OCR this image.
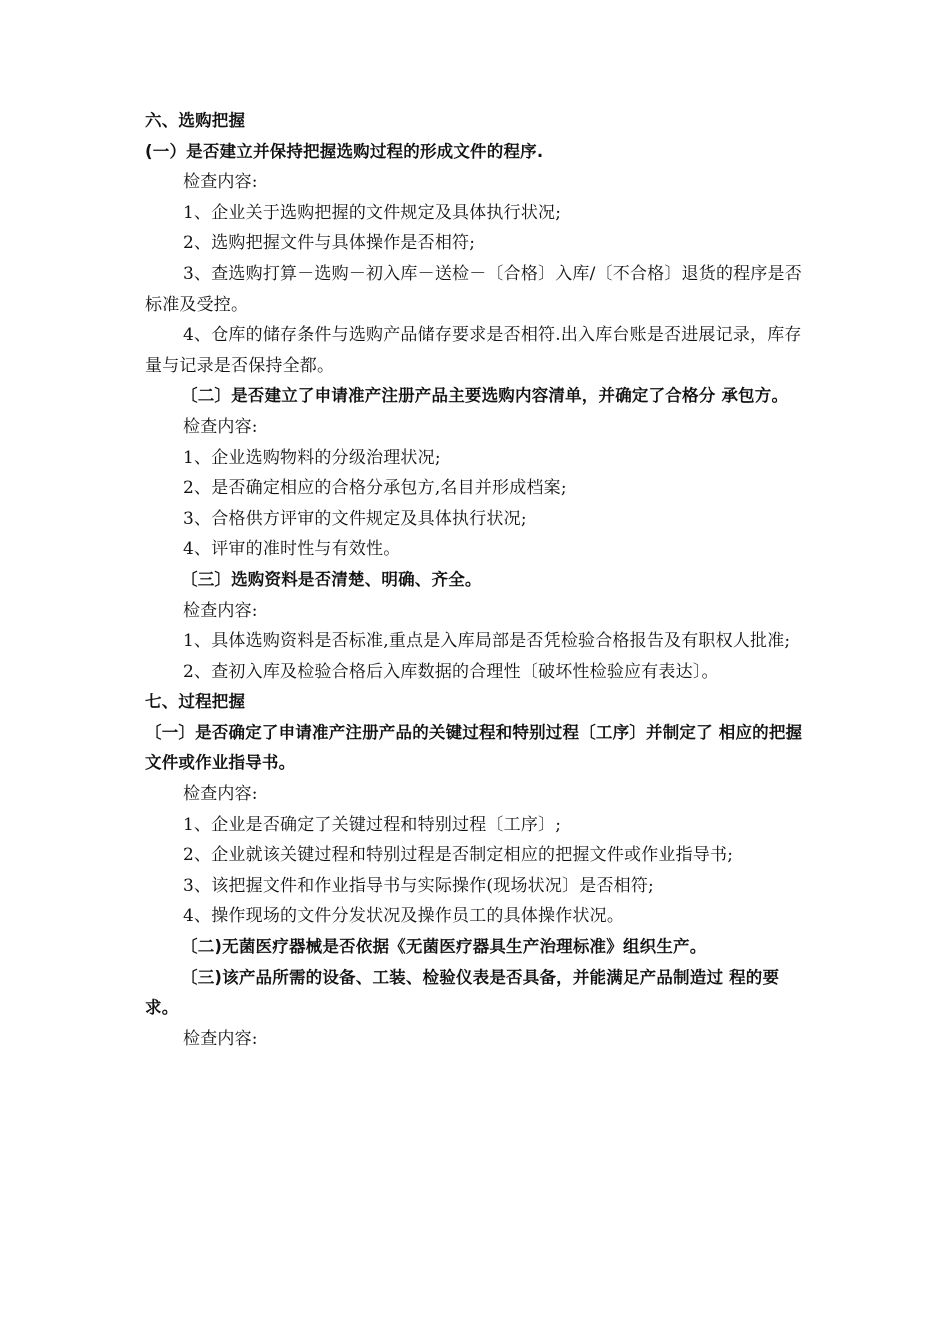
六、选购把握
(一）是否建立并保持把握选购过程的形成文件的程序.
检查内容:
1、企业关于选购把握的文件规定及具体执行状况;
2、选购把握文件与具体操作是否相符;
3、查选购打算－选购－初入库－送检－〔合格〕入库/〔不合格〕退货的程序是否标准及受控。
4、仓库的储存条件与选购产品储存要求是否相符.出入库台账是否进展记录，库存量与记录是否保持全都。
〔二〕是否建立了申请准产注册产品主要选购内容清单，并确定了合格分 承包方。
检查内容:
1、企业选购物料的分级治理状况;
2、是否确定相应的合格分承包方,名目并形成档案;
3、合格供方评审的文件规定及具体执行状况;
4、评审的准时性与有效性。
〔三〕选购资料是否清楚、明确、齐全。
检查内容:
1、具体选购资料是否标准,重点是入库局部是否凭检验合格报告及有职权人批准;
2、查初入库及检验合格后入库数据的合理性〔破坏性检验应有表达〕。
七、过程把握
〔一〕是否确定了申请准产注册产品的关键过程和特别过程〔工序〕并制定了 相应的把握文件或作业指导书。
检查内容:
1、企业是否确定了关键过程和特别过程〔工序〕;
2、企业就该关键过程和特别过程是否制定相应的把握文件或作业指导书;
3、该把握文件和作业指导书与实际操作(现场状况〕是否相符;
4、操作现场的文件分发状况及操作员工的具体操作状况。
〔二)无菌医疗器械是否依据《无菌医疗器具生产治理标准》组织生产。
〔三)该产品所需的设备、工装、检验仪表是否具备，并能满足产品制造过 程的要求。
检查内容:
